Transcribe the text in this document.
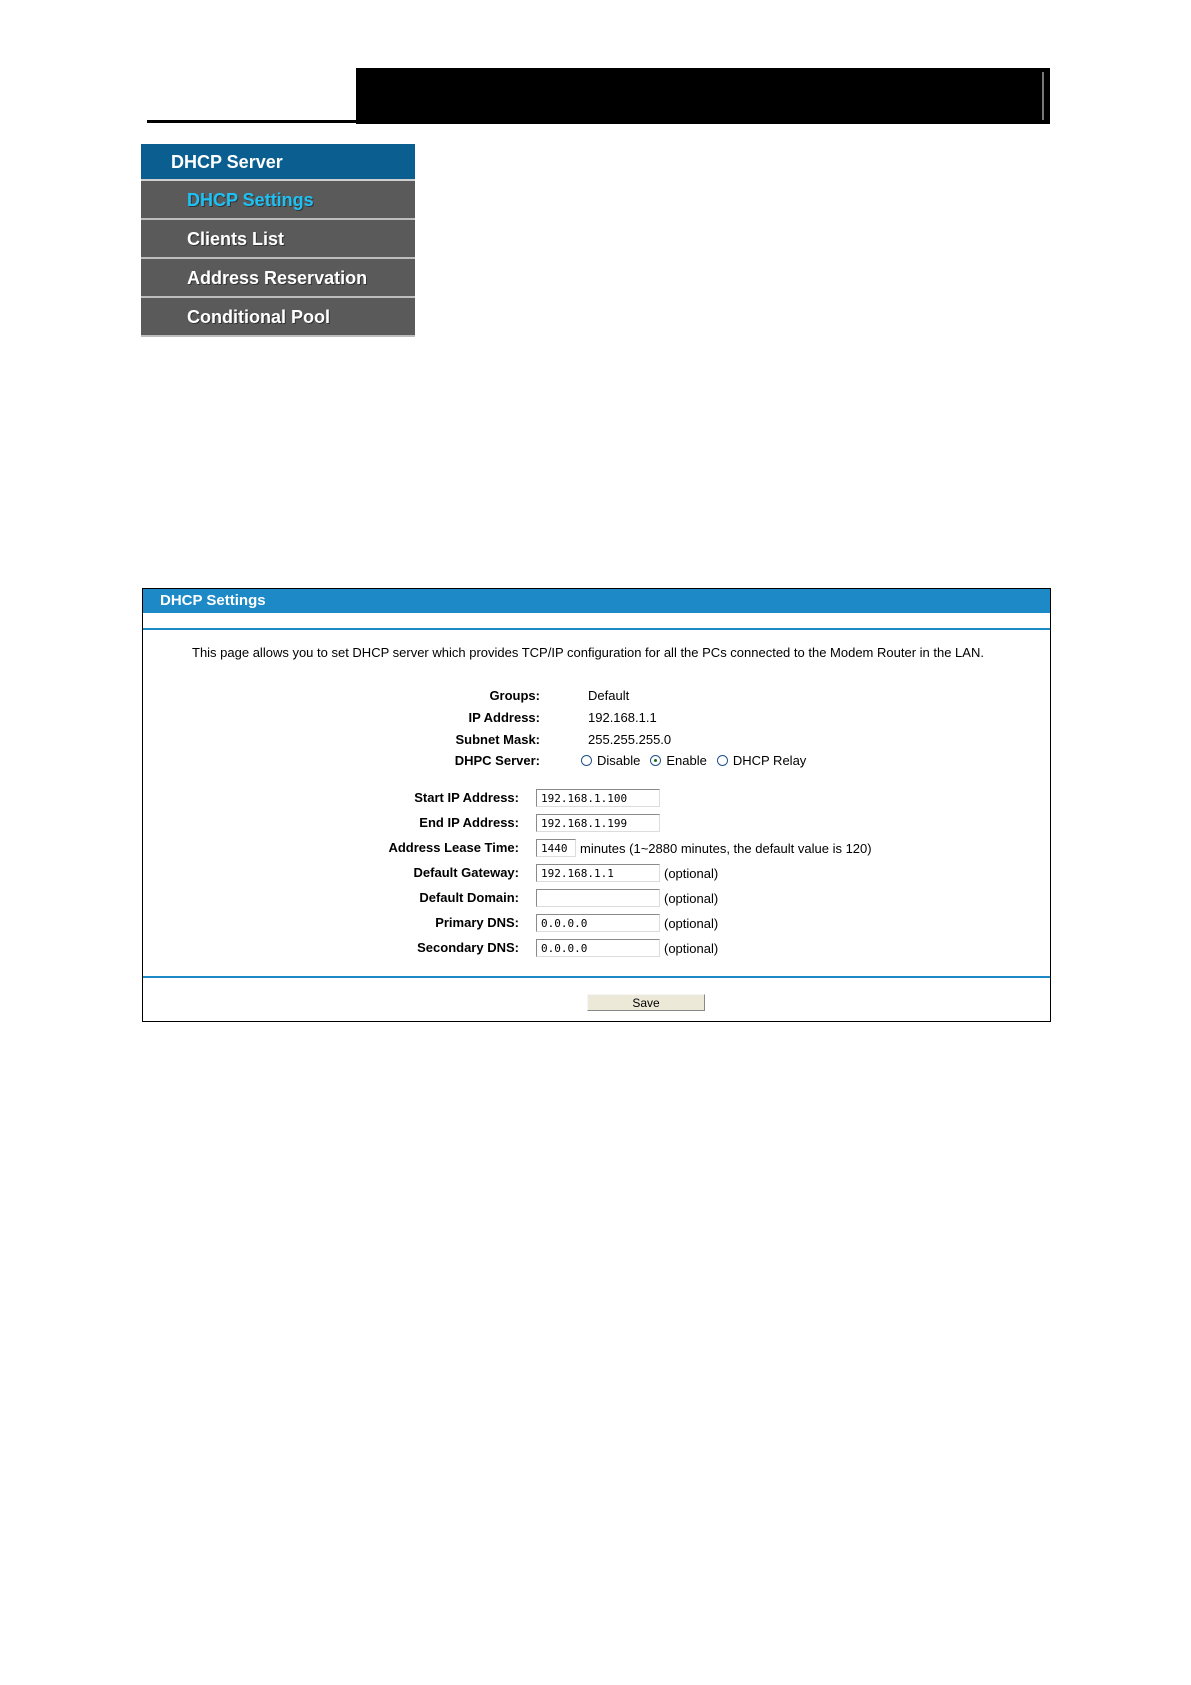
DHCP Server
DHCP Settings
Clients List
Address Reservation
Conditional Pool
DHCP Settings
This page allows you to set DHCP server which provides TCP/IP configuration for all the PCs connected to the Modem Router in the LAN.
Groups:	Default
IP Address:	192.168.1.1
Subnet Mask:	255.255.255.0
DHPC Server:	Disable Enable DHCP Relay
Start IP Address:
192.168.1.100
End IP Address:
192.168.1.199
Address Lease Time:
1440	minutes (1~2880 minutes, the default value is 120)
Default Gateway:
192.168.1.1	(optional)
Default Domain:	(optional)
Primary DNS:
0.0.0.0	(optional)
Secondary DNS:
0.0.0.0	(optional)
Save
